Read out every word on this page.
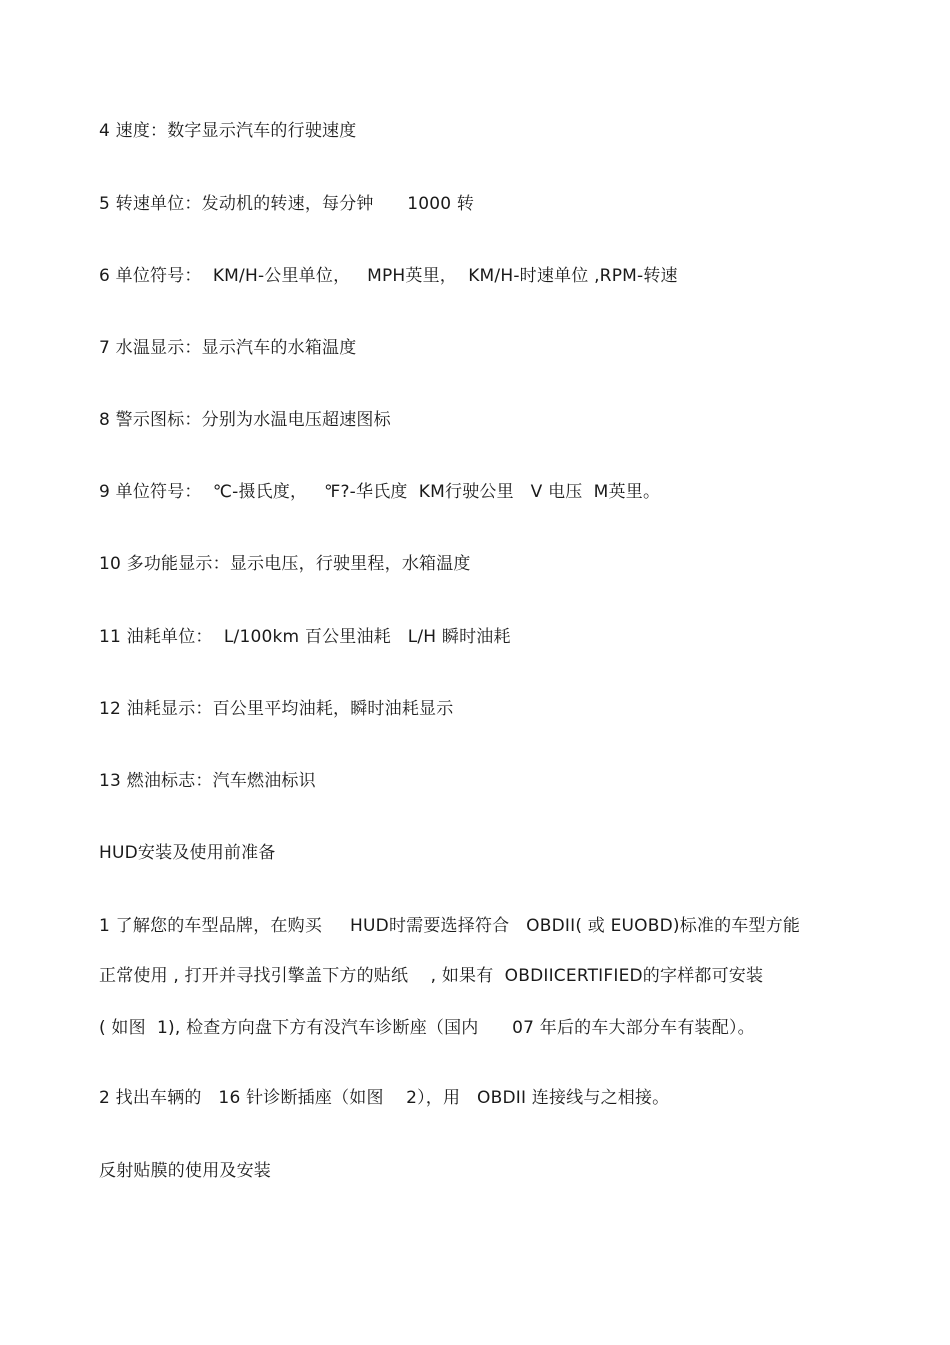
4 速度：数字显示汽车的行驶速度
5 转速单位：发动机的转速，每分钟      1000 转
6 单位符号：  KM/H-公里单位，   MPH英里，  KM/H-时速单位 ,RPM-转速
7 水温显示：显示汽车的水箱温度
8 警示图标：分别为水温电压超速图标
9 单位符号：  ℃-摄氏度，   ℉?-华氏度  KM行驶公里   V 电压  M英里。
10 多功能显示：显示电压，行驶里程，水箱温度
11 油耗单位：  L/100km 百公里油耗   L/H 瞬时油耗
12 油耗显示：百公里平均油耗，瞬时油耗显示
13 燃油标志：汽车燃油标识
HUD安装及使用前准备
1 了解您的车型品牌，在购买     HUD时需要选择符合   OBDII( 或 EUOBD)标准的车型方能
正常使用 , 打开并寻找引擎盖下方的贴纸    , 如果有  OBDIICERTIFIED的字样都可安装
( 如图  1), 检查方向盘下方有没汽车诊断座（国内      07 年后的车大部分车有装配）。
2 找出车辆的   16 针诊断插座（如图    2），用   OBDII 连接线与之相接。
反射贴膜的使用及安装
